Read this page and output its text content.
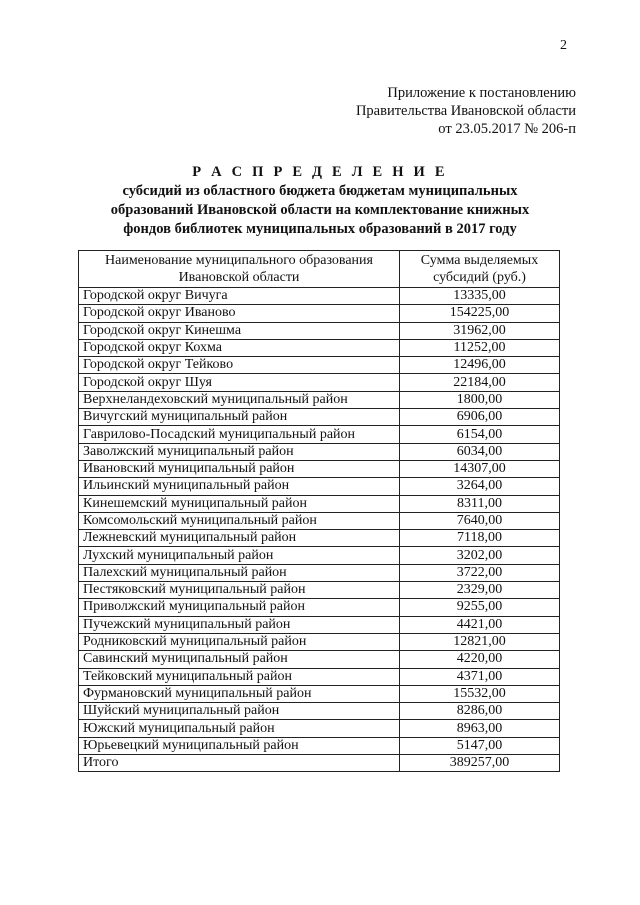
2
Приложение к постановлению
Правительства Ивановской области
от 23.05.2017 № 206-п
Р А С П Р Е Д Е Л Е Н И Е
субсидий из областного бюджета бюджетам муниципальных
образований Ивановской области на комплектование книжных
фондов библиотек муниципальных образований в 2017 году
Наименование муниципального образования Ивановской области	Сумма выделяемых субсидий (руб.)
Городской округ Вичуга	13335,00
Городской округ Иваново	154225,00
Городской округ Кинешма	31962,00
Городской округ Кохма	11252,00
Городской округ Тейково	12496,00
Городской округ Шуя	22184,00
Верхнеландеховский муниципальный район	1800,00
Вичугский муниципальный район	6906,00
Гаврилово-Посадский муниципальный район	6154,00
Заволжский муниципальный район	6034,00
Ивановский муниципальный район	14307,00
Ильинский муниципальный район	3264,00
Кинешемский муниципальный район	8311,00
Комсомольский муниципальный район	7640,00
Лежневский муниципальный район	7118,00
Лухский муниципальный район	3202,00
Палехский муниципальный район	3722,00
Пестяковский муниципальный район	2329,00
Приволжский муниципальный район	9255,00
Пучежский муниципальный район	4421,00
Родниковский муниципальный район	12821,00
Савинский муниципальный район	4220,00
Тейковский муниципальный район	4371,00
Фурмановский муниципальный район	15532,00
Шуйский муниципальный район	8286,00
Южский муниципальный район	8963,00
Юрьевецкий муниципальный район	5147,00
Итого	389257,00
